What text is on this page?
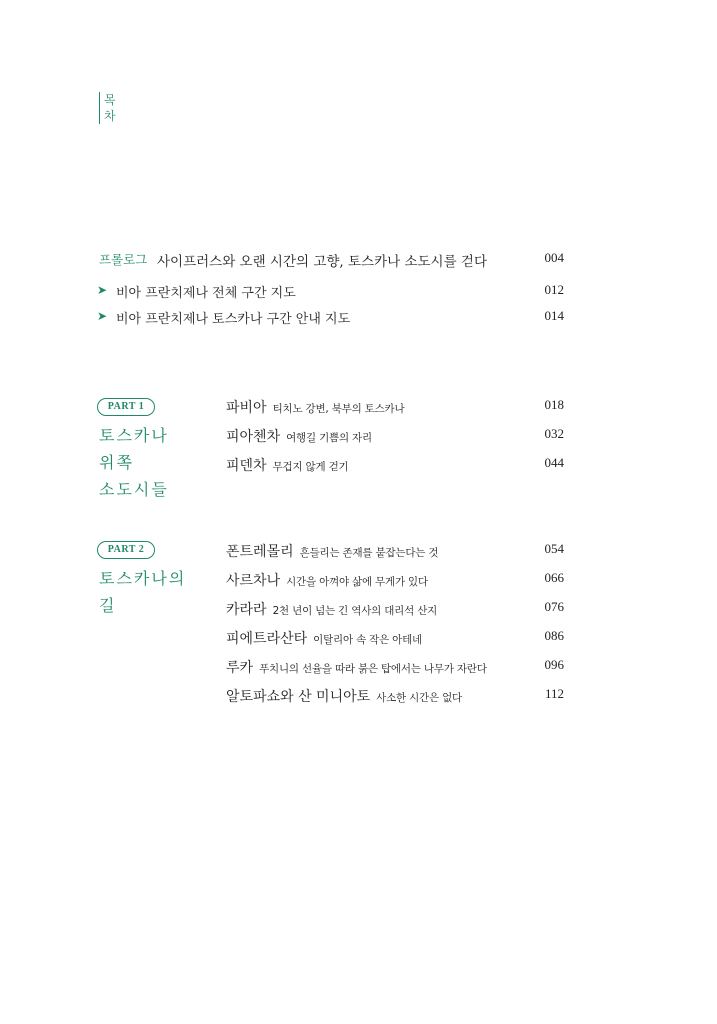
목
차
프롤로그 사이프러스와 오랜 시간의 고향, 토스카나 소도시를 걷다	004
➤ 비아 프란치제나 전체 구간 지도	012
➤ 비아 프란치제나 토스카나 구간 안내 지도	014
PART 1
토스카나
위쪽
소도시들
파비아 티치노 강변, 북부의 토스카나	018
피아첸차 여행길 기쁨의 자리	032
피덴차 무겁지 않게 걷기	044
PART 2
토스카나의
길
폰트레몰리 흔들리는 존재를 붙잡는다는 것	054
사르차나 시간을 아껴야 삶에 무게가 있다	066
카라라 2천 년이 넘는 긴 역사의 대리석 산지	076
피에트라산타 이탈리아 속 작은 아테네	086
루카 푸치니의 선율을 따라 붉은 탑에서는 나무가 자란다	096
알토파쇼와 산 미니아토 사소한 시간은 없다	112
